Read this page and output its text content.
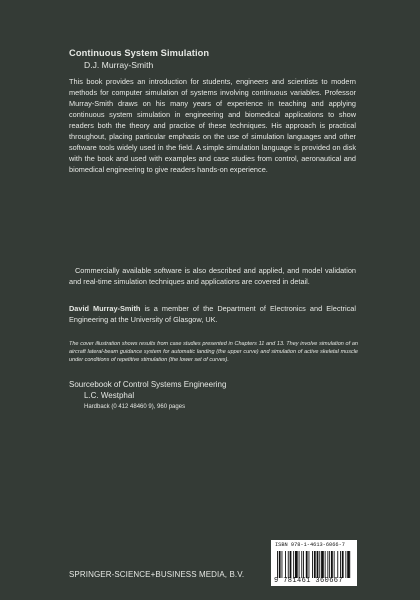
Continuous System Simulation
D.J. Murray-Smith

This book provides an introduction for students, engineers and scientists to modern methods for computer simulation of systems involving continuous variables. Professor Murray-Smith draws on his many years of experience in teaching and applying continuous system simulation in engineering and biomedical applications to show readers both the theory and practice of these techniques. His approach is practical throughout, placing particular emphasis on the use of simulation languages and other software tools widely used in the field. A simple simulation language is provided on disk with the book and used with examples and case studies from control, aeronautical and biomedical engineering to give readers hands-on experience.

Commercially available software is also described and applied, and model validation and real-time simulation techniques and applications are covered in detail.

David Murray-Smith is a member of the Department of Electronics and Electrical Engineering at the University of Glasgow, UK.

The cover illustration shows results from case studies presented in Chapters 11 and 13. They involve simulation of an aircraft lateral-beam guidance system for automatic landing (the upper curve) and simulation of active skeletal muscle under conditions of repetitive stimulation (the lower set of curves).

Sourcebook of Control Systems Engineering
L.C. Westphal
Hardback (0 412 48460 9), 960 pages
SPRINGER-SCIENCE+BUSINESS MEDIA, B.V.
ISBN 978-1-4613-6066-7
9 781461 360667
